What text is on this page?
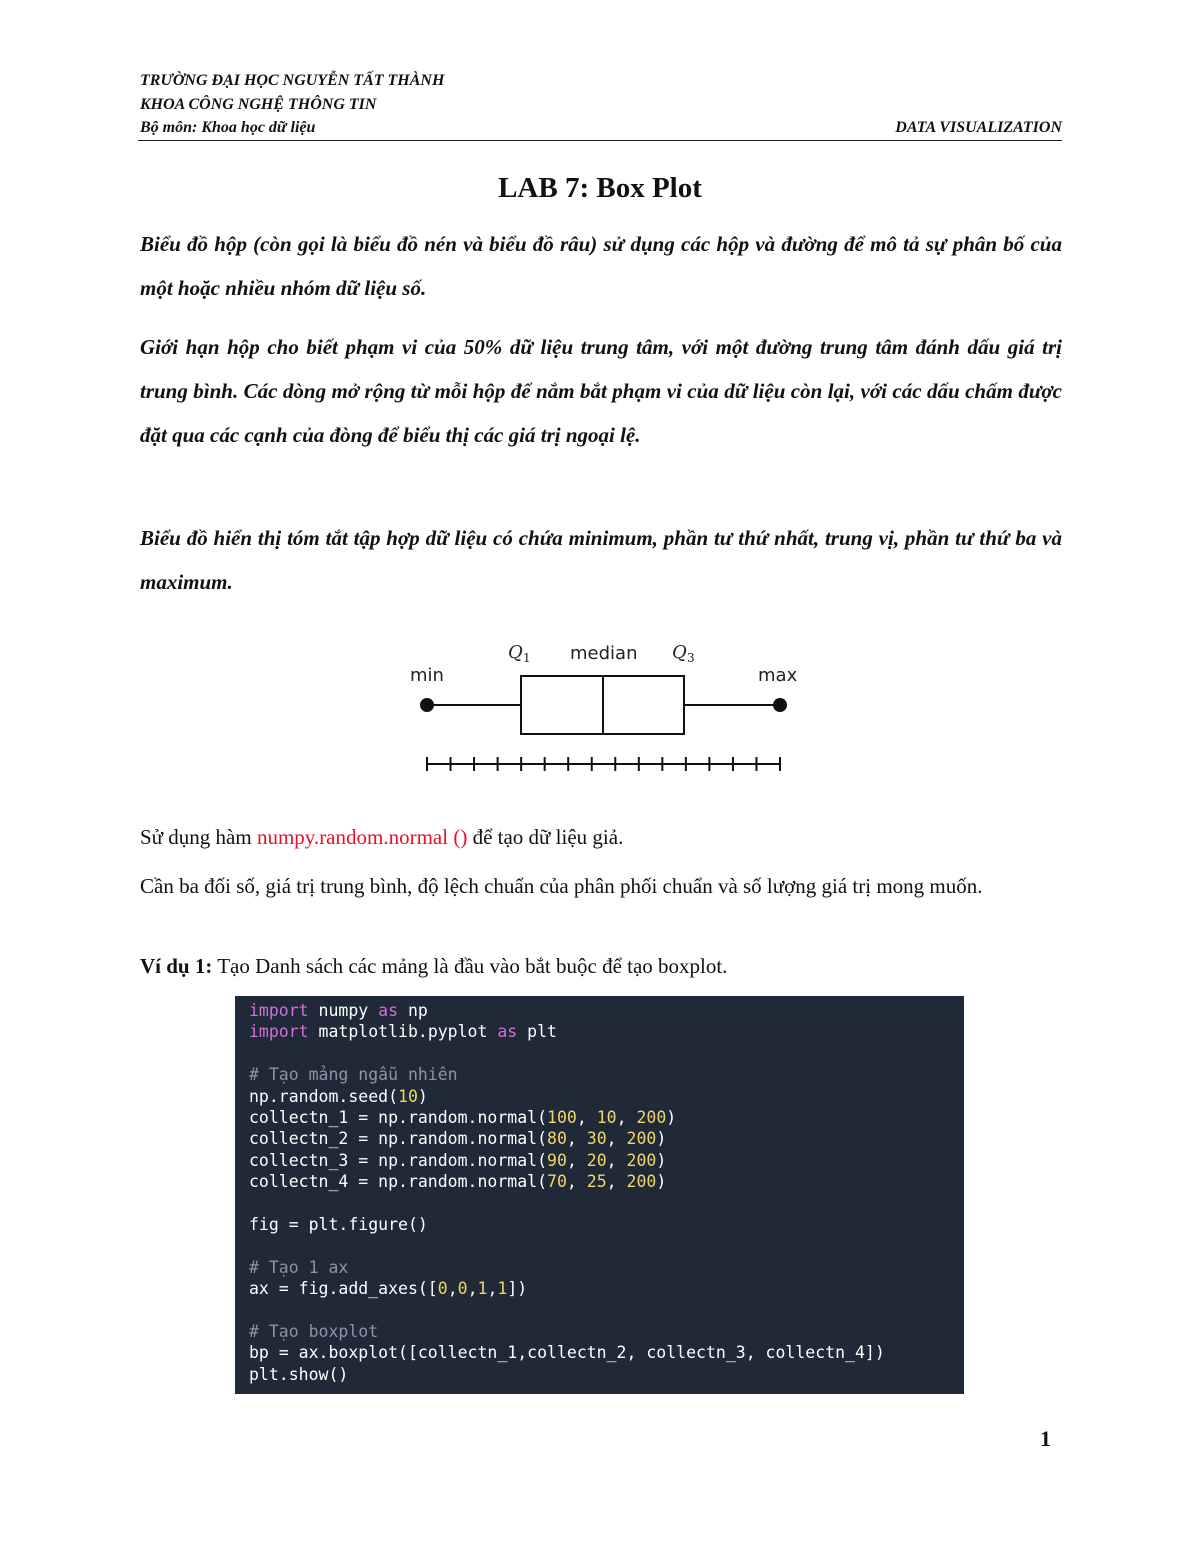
TRƯỜNG ĐẠI HỌC NGUYỄN TẤT THÀNH
KHOA CÔNG NGHỆ THÔNG TIN
Bộ môn: Khoa học dữ liệu	DATA VISUALIZATION
LAB 7: Box Plot
Biểu đồ hộp (còn gọi là biểu đồ nén và biểu đồ râu) sử dụng các hộp và đường để mô tả sự phân bố của một hoặc nhiều nhóm dữ liệu số.
Giới hạn hộp cho biết phạm vi của 50% dữ liệu trung tâm, với một đường trung tâm đánh dấu giá trị trung bình. Các dòng mở rộng từ mỗi hộp để nắm bắt phạm vi của dữ liệu còn lại, với các dấu chấm được đặt qua các cạnh của đòng để biểu thị các giá trị ngoại lệ.
Biểu đồ hiển thị tóm tắt tập hợp dữ liệu có chứa minimum, phần tư thứ nhất, trung vị, phần tư thứ ba và maximum.
min
Q 1 median Q 3
max
Sử dụng hàm numpy.random.normal () để tạo dữ liệu giả.
Cần ba đối số, giá trị trung bình, độ lệch chuẩn của phân phối chuẩn và số lượng giá trị mong muốn.
Ví dụ 1: Tạo Danh sách các mảng là đầu vào bắt buộc để tạo boxplot.
import numpy as np
import matplotlib.pyplot as plt
# Tạo mảng ngẫu nhiên
np.random.seed(10)
collectn_1 = np.random.normal(100, 10, 200)
collectn_2 = np.random.normal(80, 30, 200)
collectn_3 = np.random.normal(90, 20, 200)
collectn_4 = np.random.normal(70, 25, 200)
fig = plt.figure()
# Tạo 1 ax
ax = fig.add_axes([0,0,1,1])
# Tạo boxplot
bp = ax.boxplot([collectn_1,collectn_2, collectn_3, collectn_4])
plt.show()
1
